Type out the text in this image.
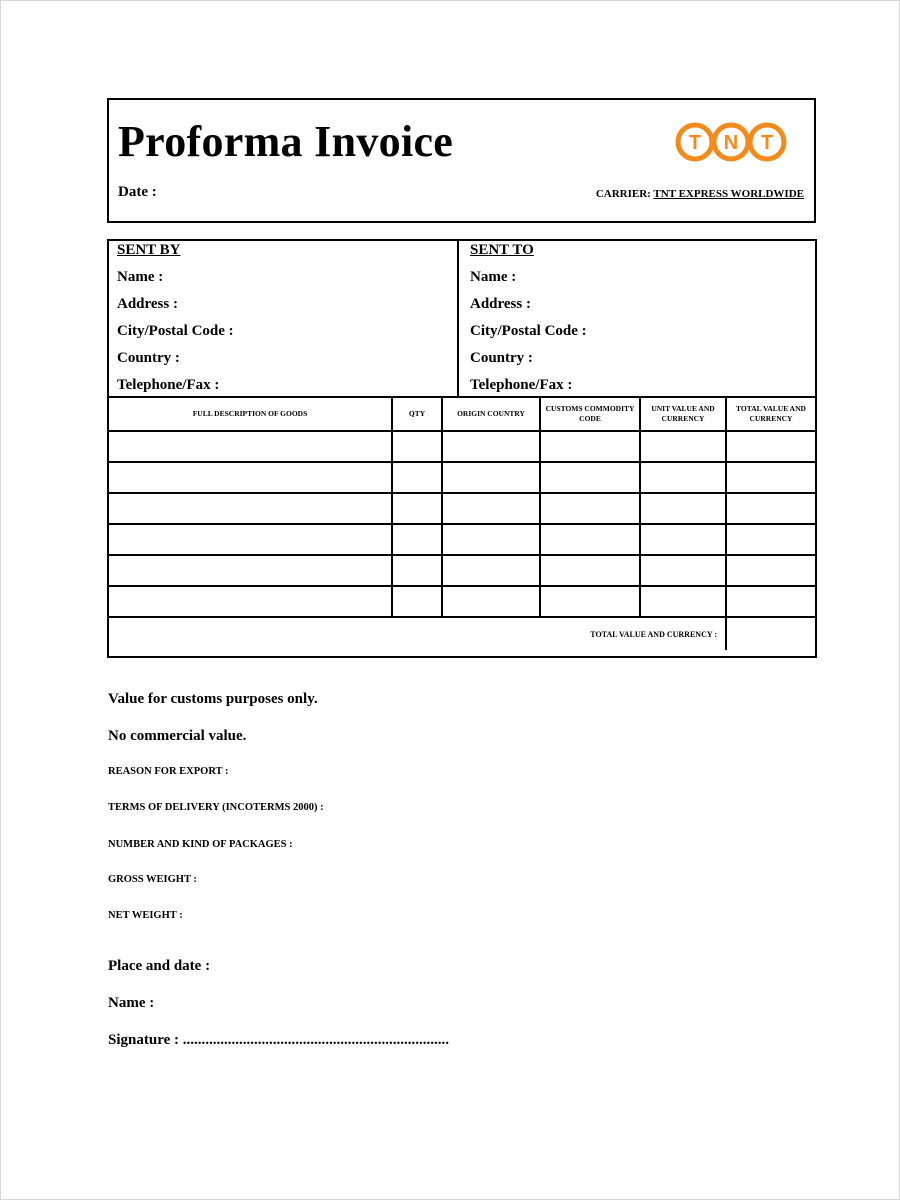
Proforma Invoice
Date :	CARRIER: TNT EXPRESS WORLDWIDE
T N T
SENT BY
Name :
Address :
City/Postal Code :
Country :
Telephone/Fax :
SENT TO
Name :
Address :
City/Postal Code :
Country :
Telephone/Fax :
FULL DESCRIPTION OF GOODS	QTY	ORIGIN COUNTRY	CUSTOMS COMMODITY CODE	UNIT VALUE AND CURRENCY	TOTAL VALUE AND CURRENCY

TOTAL VALUE AND CURRENCY :					
Value for customs purposes only.
No commercial value.
REASON FOR EXPORT :
TERMS OF DELIVERY (INCOTERMS 2000) :
NUMBER AND KIND OF PACKAGES :
GROSS WEIGHT :
NET WEIGHT :
Place and date :
Name :
Signature : .......................................................................
